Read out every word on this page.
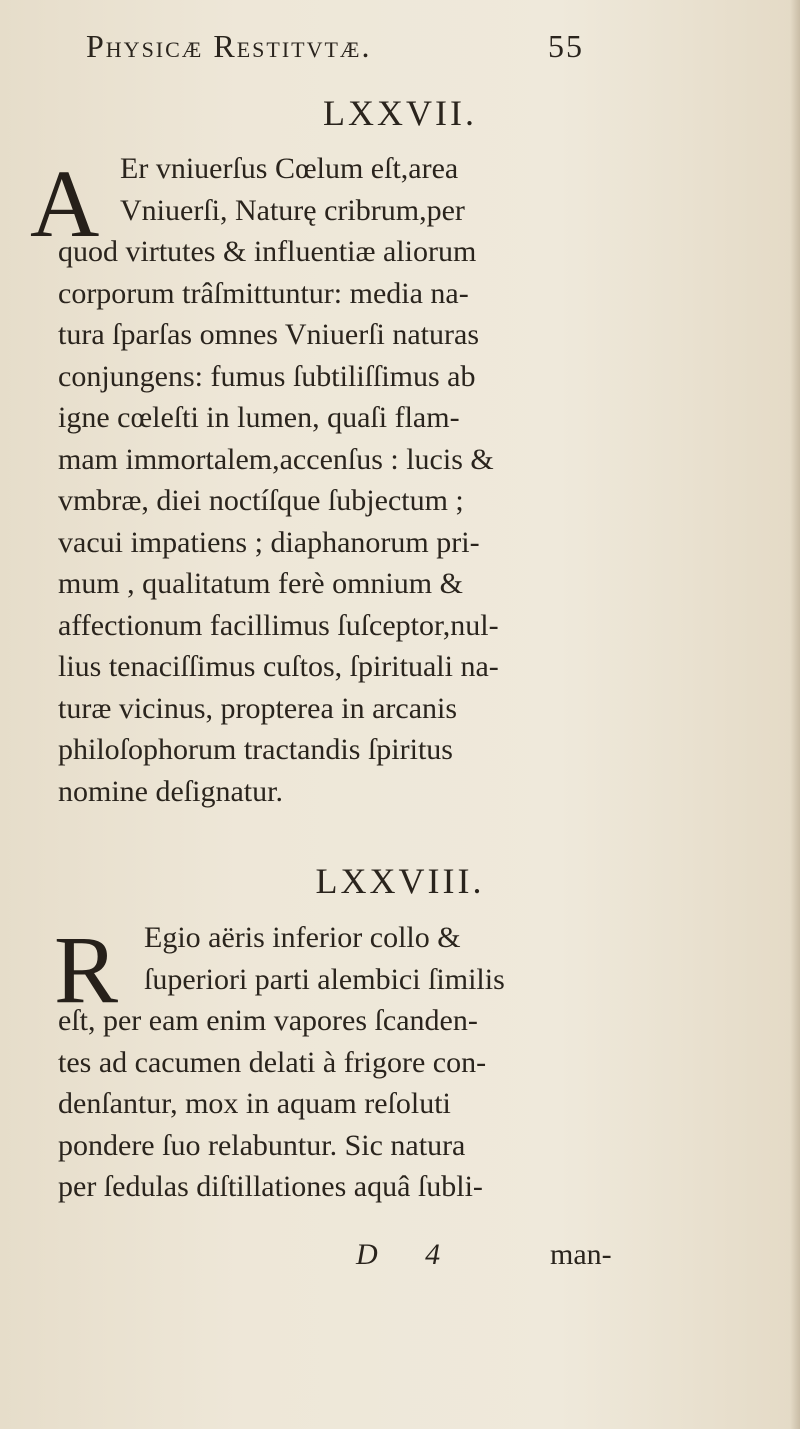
Physicæ Restitvtæ.	55
LXXVII.
A Er vniuerſus Cœlum eſt,area
Vniuerſi, Naturę cribrum,per
quod virtutes & influentiæ aliorum
corporum trâſmittuntur: media na-
tura ſparſas omnes Vniuerſi naturas
conjungens: fumus ſubtiliſſimus ab
igne cœleſti in lumen, quaſi flam-
mam immortalem,accenſus : lucis &
vmbræ, diei noctíſque ſubjectum ;
vacui impatiens ; diaphanorum pri-
mum , qualitatum ferè omnium &
affectionum facillimus ſuſceptor,nul-
lius tenaciſſimus cuſtos, ſpirituali na-
turæ vicinus, propterea in arcanis
philoſophorum tractandis ſpiritus
nomine deſignatur.
LXXVIII.
R Egio aëris inferior collo &
ſuperiori parti alembici ſimilis
eſt, per eam enim vapores ſcanden-
tes ad cacumen delati à frigore con-
denſantur, mox in aquam reſoluti
pondere ſuo relabuntur. Sic natura
per ſedulas diſtillationes aquâ ſubli-
D 4	man-
